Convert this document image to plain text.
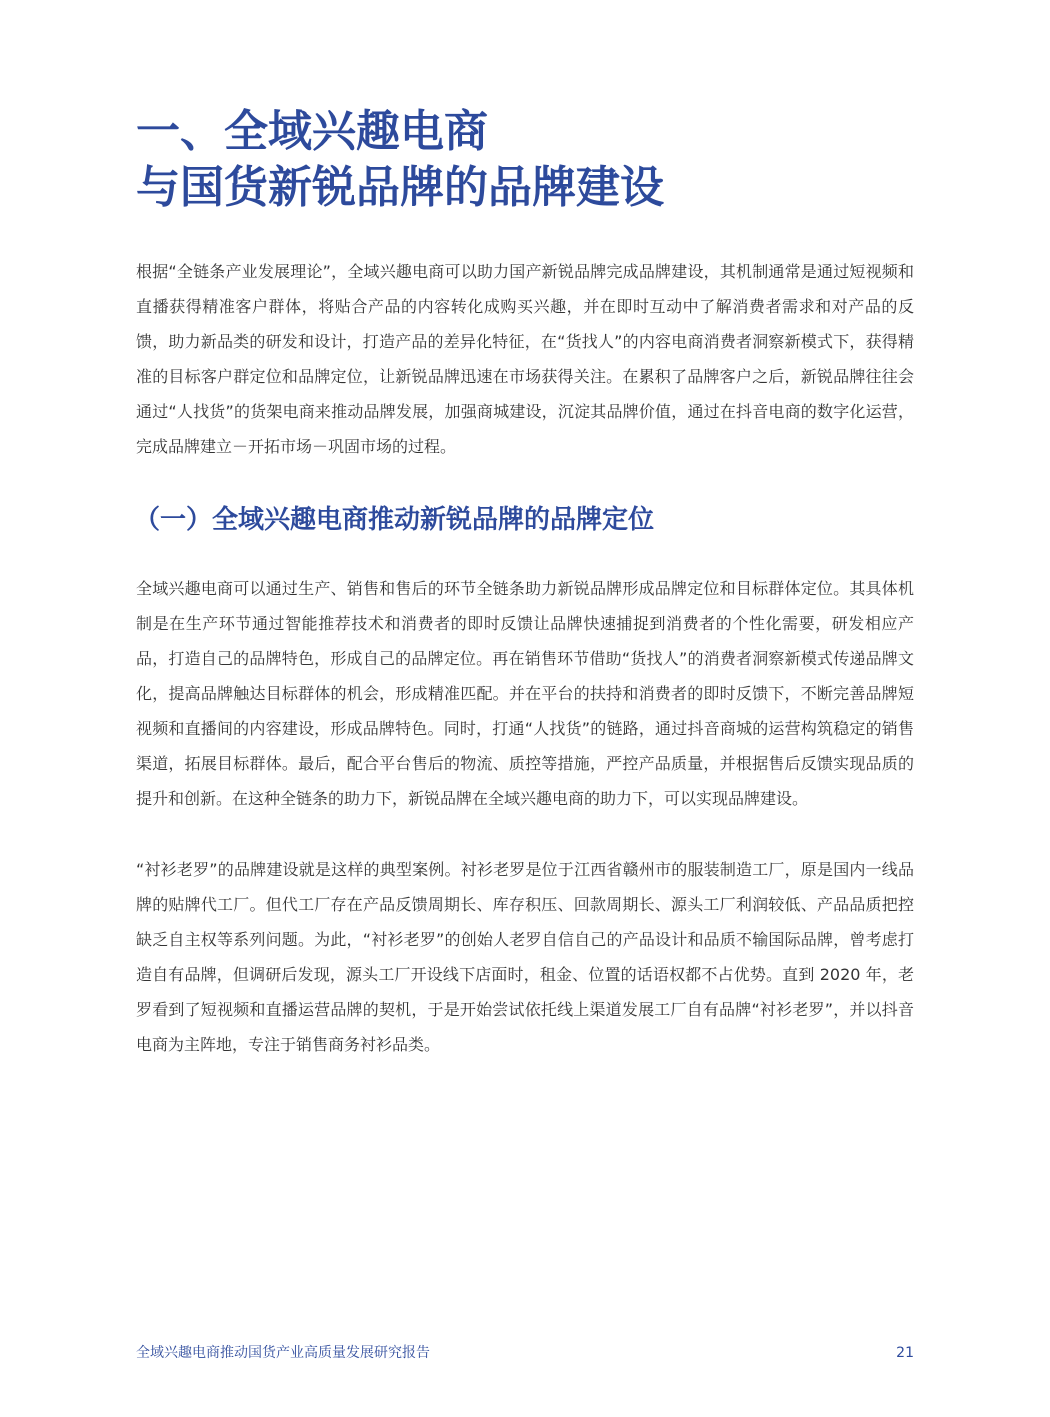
一、全域兴趣电商
与国货新锐品牌的品牌建设

根据“全链条产业发展理论”，全域兴趣电商可以助力国产新锐品牌完成品牌建设，其机制通常是通过短视频和直播获得精准客户群体，将贴合产品的内容转化成购买兴趣，并在即时互动中了解消费者需求和对产品的反馈，助力新品类的研发和设计，打造产品的差异化特征，在“货找人”的内容电商消费者洞察新模式下，获得精准的目标客户群定位和品牌定位，让新锐品牌迅速在市场获得关注。在累积了品牌客户之后，新锐品牌往往会通过“人找货”的货架电商来推动品牌发展，加强商城建设，沉淀其品牌价值，通过在抖音电商的数字化运营，完成品牌建立－开拓市场－巩固市场的过程。

（一）全域兴趣电商推动新锐品牌的品牌定位

全域兴趣电商可以通过生产、销售和售后的环节全链条助力新锐品牌形成品牌定位和目标群体定位。其具体机制是在生产环节通过智能推荐技术和消费者的即时反馈让品牌快速捕捉到消费者的个性化需要，研发相应产品，打造自己的品牌特色，形成自己的品牌定位。再在销售环节借助“货找人”的消费者洞察新模式传递品牌文化，提高品牌触达目标群体的机会，形成精准匹配。并在平台的扶持和消费者的即时反馈下，不断完善品牌短视频和直播间的内容建设，形成品牌特色。同时，打通“人找货”的链路，通过抖音商城的运营构筑稳定的销售渠道，拓展目标群体。最后，配合平台售后的物流、质控等措施，严控产品质量，并根据售后反馈实现品质的提升和创新。在这种全链条的助力下，新锐品牌在全域兴趣电商的助力下，可以实现品牌建设。

“衬衫老罗”的品牌建设就是这样的典型案例。衬衫老罗是位于江西省赣州市的服装制造工厂，原是国内一线品牌的贴牌代工厂。但代工厂存在产品反馈周期长、库存积压、回款周期长、源头工厂利润较低、产品品质把控缺乏自主权等系列问题。为此，“衬衫老罗”的创始人老罗自信自己的产品设计和品质不输国际品牌，曾考虑打造自有品牌，但调研后发现，源头工厂开设线下店面时，租金、位置的话语权都不占优势。直到 2020 年，老罗看到了短视频和直播运营品牌的契机，于是开始尝试依托线上渠道发展工厂自有品牌“衬衫老罗”，并以抖音电商为主阵地，专注于销售商务衬衫品类。

全域兴趣电商推动国货产业高质量发展研究报告	21
